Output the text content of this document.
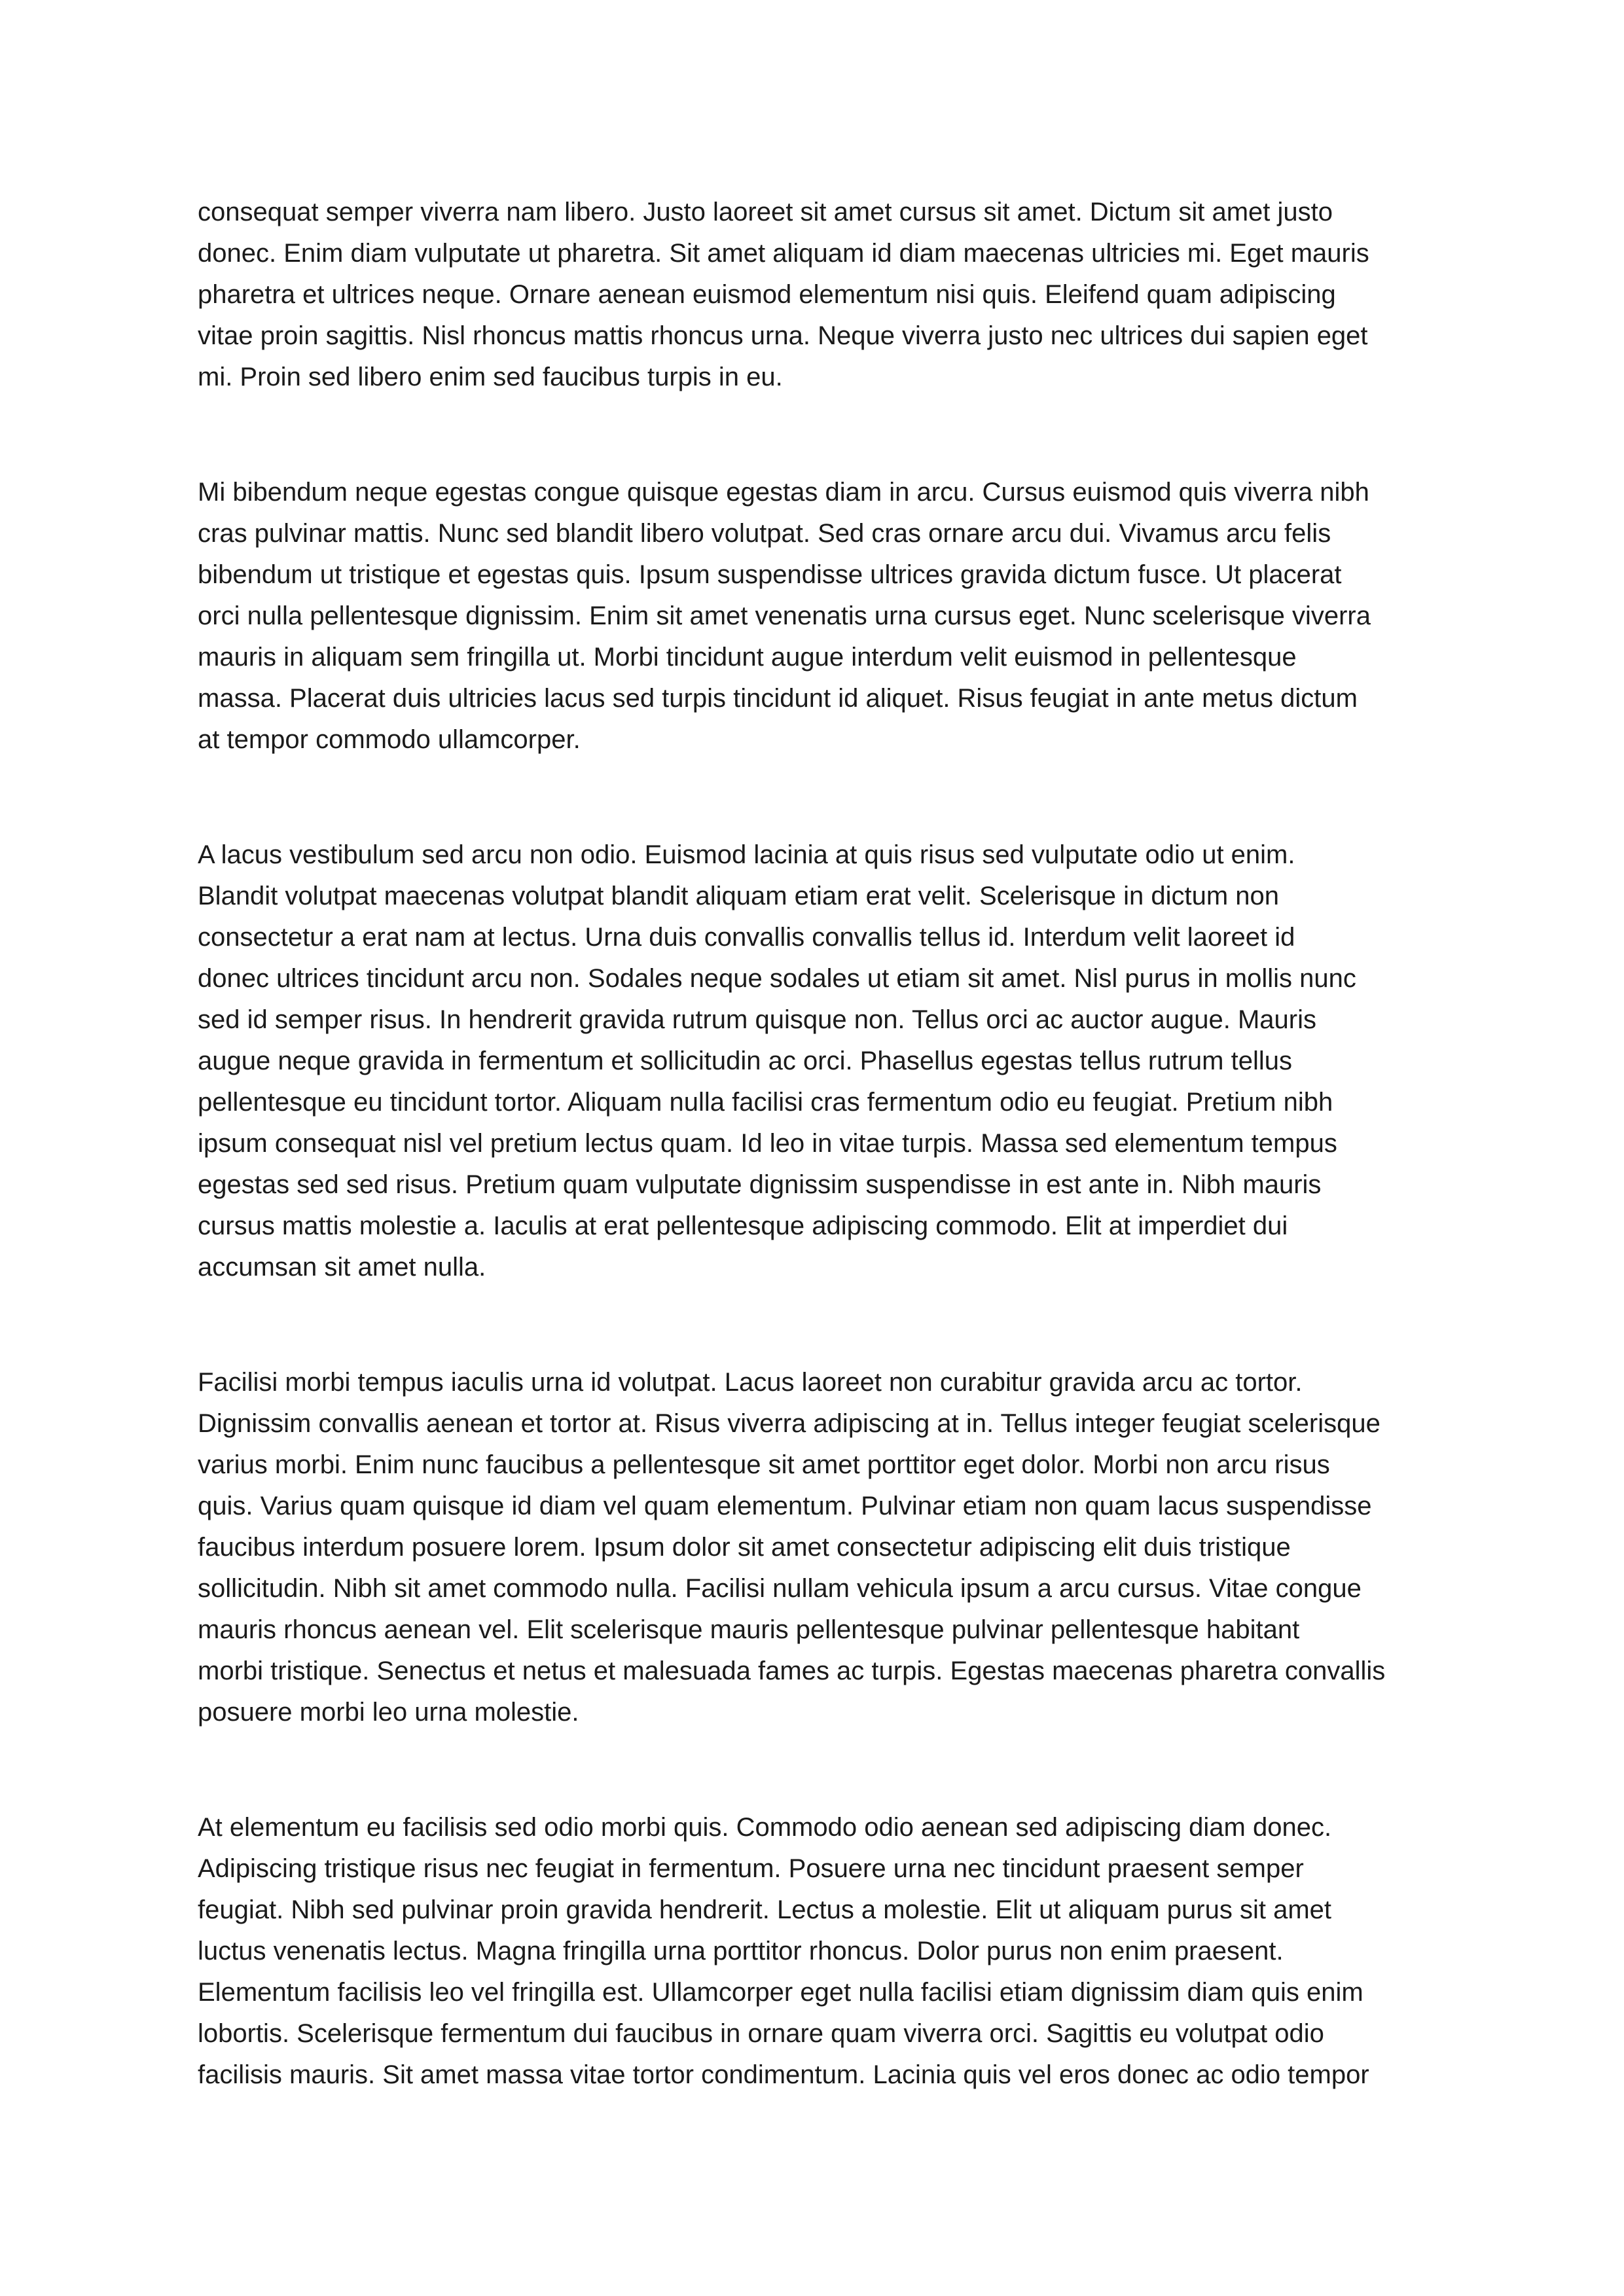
consequat semper viverra nam libero. Justo laoreet sit amet cursus sit amet. Dictum sit amet justo
donec. Enim diam vulputate ut pharetra. Sit amet aliquam id diam maecenas ultricies mi. Eget mauris
pharetra et ultrices neque. Ornare aenean euismod elementum nisi quis. Eleifend quam adipiscing
vitae proin sagittis. Nisl rhoncus mattis rhoncus urna. Neque viverra justo nec ultrices dui sapien eget
mi. Proin sed libero enim sed faucibus turpis in eu.

Mi bibendum neque egestas congue quisque egestas diam in arcu. Cursus euismod quis viverra nibh
cras pulvinar mattis. Nunc sed blandit libero volutpat. Sed cras ornare arcu dui. Vivamus arcu felis
bibendum ut tristique et egestas quis. Ipsum suspendisse ultrices gravida dictum fusce. Ut placerat
orci nulla pellentesque dignissim. Enim sit amet venenatis urna cursus eget. Nunc scelerisque viverra
mauris in aliquam sem fringilla ut. Morbi tincidunt augue interdum velit euismod in pellentesque
massa. Placerat duis ultricies lacus sed turpis tincidunt id aliquet. Risus feugiat in ante metus dictum
at tempor commodo ullamcorper.

A lacus vestibulum sed arcu non odio. Euismod lacinia at quis risus sed vulputate odio ut enim.
Blandit volutpat maecenas volutpat blandit aliquam etiam erat velit. Scelerisque in dictum non
consectetur a erat nam at lectus. Urna duis convallis convallis tellus id. Interdum velit laoreet id
donec ultrices tincidunt arcu non. Sodales neque sodales ut etiam sit amet. Nisl purus in mollis nunc
sed id semper risus. In hendrerit gravida rutrum quisque non. Tellus orci ac auctor augue. Mauris
augue neque gravida in fermentum et sollicitudin ac orci. Phasellus egestas tellus rutrum tellus
pellentesque eu tincidunt tortor. Aliquam nulla facilisi cras fermentum odio eu feugiat. Pretium nibh
ipsum consequat nisl vel pretium lectus quam. Id leo in vitae turpis. Massa sed elementum tempus
egestas sed sed risus. Pretium quam vulputate dignissim suspendisse in est ante in. Nibh mauris
cursus mattis molestie a. Iaculis at erat pellentesque adipiscing commodo. Elit at imperdiet dui
accumsan sit amet nulla.

Facilisi morbi tempus iaculis urna id volutpat. Lacus laoreet non curabitur gravida arcu ac tortor.
Dignissim convallis aenean et tortor at. Risus viverra adipiscing at in. Tellus integer feugiat scelerisque
varius morbi. Enim nunc faucibus a pellentesque sit amet porttitor eget dolor. Morbi non arcu risus
quis. Varius quam quisque id diam vel quam elementum. Pulvinar etiam non quam lacus suspendisse
faucibus interdum posuere lorem. Ipsum dolor sit amet consectetur adipiscing elit duis tristique
sollicitudin. Nibh sit amet commodo nulla. Facilisi nullam vehicula ipsum a arcu cursus. Vitae congue
mauris rhoncus aenean vel. Elit scelerisque mauris pellentesque pulvinar pellentesque habitant
morbi tristique. Senectus et netus et malesuada fames ac turpis. Egestas maecenas pharetra convallis
posuere morbi leo urna molestie.

At elementum eu facilisis sed odio morbi quis. Commodo odio aenean sed adipiscing diam donec.
Adipiscing tristique risus nec feugiat in fermentum. Posuere urna nec tincidunt praesent semper
feugiat. Nibh sed pulvinar proin gravida hendrerit. Lectus a molestie. Elit ut aliquam purus sit amet
luctus venenatis lectus. Magna fringilla urna porttitor rhoncus. Dolor purus non enim praesent.
Elementum facilisis leo vel fringilla est. Ullamcorper eget nulla facilisi etiam dignissim diam quis enim
lobortis. Scelerisque fermentum dui faucibus in ornare quam viverra orci. Sagittis eu volutpat odio
facilisis mauris. Sit amet massa vitae tortor condimentum. Lacinia quis vel eros donec ac odio tempor
